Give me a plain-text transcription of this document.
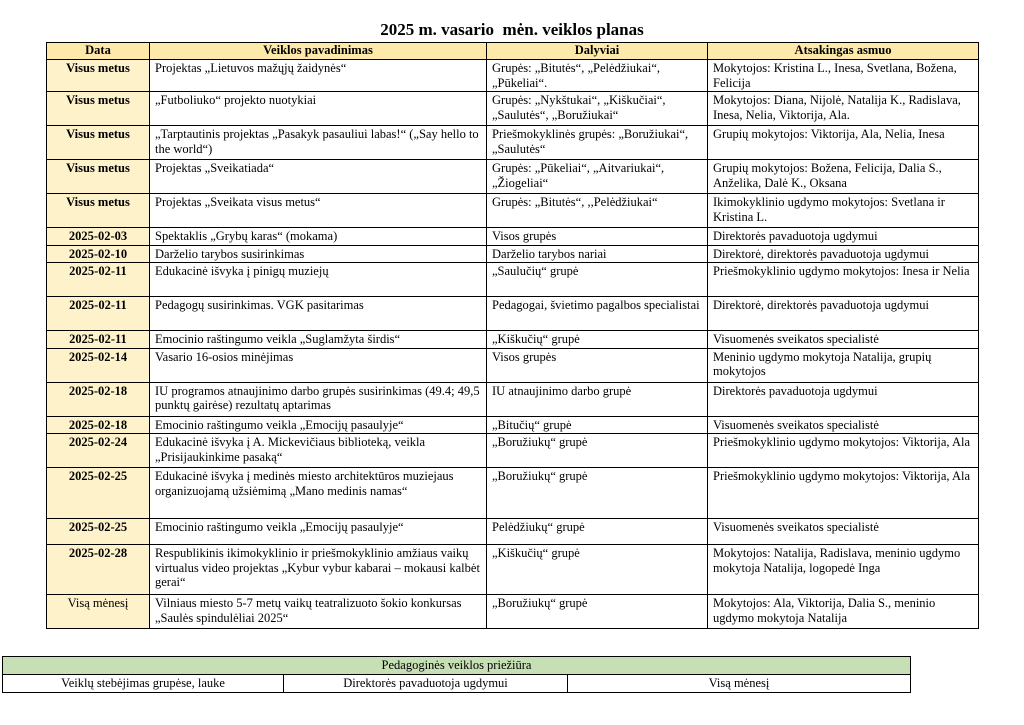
2025 m. vasario  mėn. veiklos planas
Data	Veiklos pavadinimas	Dalyviai	Atsakingas asmuo
Visus metus	Projektas „Lietuvos mažųjų žaidynės“	Grupės: „Bitutės“, „Pelėdžiukai“, „Pūkeliai“.	Mokytojos: Kristina L., Inesa, Svetlana, Božena, Felicija
Visus metus	„Futboliuko“ projekto nuotykiai	Grupės: „Nykštukai“, „Kiškučiai“, „Saulutės“, „Boružiukai“	Mokytojos: Diana, Nijolė, Natalija K., Radislava, Inesa, Nelia, Viktorija, Ala.
Visus metus	„Tarptautinis projektas „Pasakyk pasauliui labas!“ („Say hello to the world“)	Priešmokyklinės grupės: „Boružiukai“, „Saulutės“	Grupių mokytojos: Viktorija, Ala, Nelia, Inesa
Visus metus	Projektas „Sveikatiada“	Grupės: „Pūkeliai“, „Aitvariukai“, „Žiogeliai“	Grupių mokytojos: Božena, Felicija, Dalia S., Anželika, Dalė K., Oksana
Visus metus	Projektas „Sveikata visus metus“	Grupės: „Bitutės“, ,,Pelėdžiukai“	Ikimokyklinio ugdymo mokytojos: Svetlana ir Kristina L.
2025-02-03	Spektaklis „Grybų karas“ (mokama)	Visos grupės	Direktorės pavaduotoja ugdymui
2025-02-10	Darželio tarybos susirinkimas	Darželio tarybos nariai	Direktorė, direktorės pavaduotoja ugdymui
2025-02-11	Edukacinė išvyka į pinigų muziejų	„Saulučių“ grupė	Priešmokyklinio ugdymo mokytojos: Inesa ir Nelia
2025-02-11	Pedagogų susirinkimas. VGK pasitarimas	Pedagogai, švietimo pagalbos specialistai	Direktorė, direktorės pavaduotoja ugdymui
2025-02-11	Emocinio raštingumo veikla „Suglamžyta širdis“	„Kiškučių“ grupė	Visuomenės sveikatos specialistė
2025-02-14	Vasario 16-osios minėjimas	Visos grupės	Meninio ugdymo mokytoja Natalija, grupių mokytojos
2025-02-18	IU programos atnaujinimo darbo grupės susirinkimas (49.4; 49,5 punktų gairėse) rezultatų aptarimas	IU atnaujinimo darbo grupė	Direktorės pavaduotoja ugdymui
2025-02-18	Emocinio raštingumo veikla „Emocijų pasaulyje“	„Bitučių“ grupė	Visuomenės sveikatos specialistė
2025-02-24	Edukacinė išvyka į A. Mickevičiaus biblioteką, veikla „Prisijaukinkime pasaką“	„Boružiukų“ grupė	Priešmokyklinio ugdymo mokytojos: Viktorija, Ala
2025-02-25	Edukacinė išvyka į medinės miesto architektūros muziejaus organizuojamą užsiėmimą „Mano medinis namas“	„Boružiukų“ grupė	Priešmokyklinio ugdymo mokytojos: Viktorija, Ala
2025-02-25	Emocinio raštingumo veikla „Emocijų pasaulyje“	Pelėdžiukų“ grupė	Visuomenės sveikatos specialistė
2025-02-28	Respublikinis ikimokyklinio ir priešmokyklinio amžiaus vaikų virtualus video projektas „Kybur vybur kabarai – mokausi kalbėt gerai“	„Kiškučių“ grupė	Mokytojos: Natalija, Radislava, meninio ugdymo mokytoja Natalija, logopedė Inga
Visą mėnesį	Vilniaus miesto 5-7 metų vaikų teatralizuoto šokio konkursas „Saulės spindulėliai 2025“	„Boružiukų“ grupė	Mokytojos: Ala, Viktorija, Dalia S., meninio ugdymo mokytoja Natalija
Pedagoginės veiklos priežiūra
Veiklų stebėjimas grupėse, lauke	Direktorės pavaduotoja ugdymui	Visą mėnesį
